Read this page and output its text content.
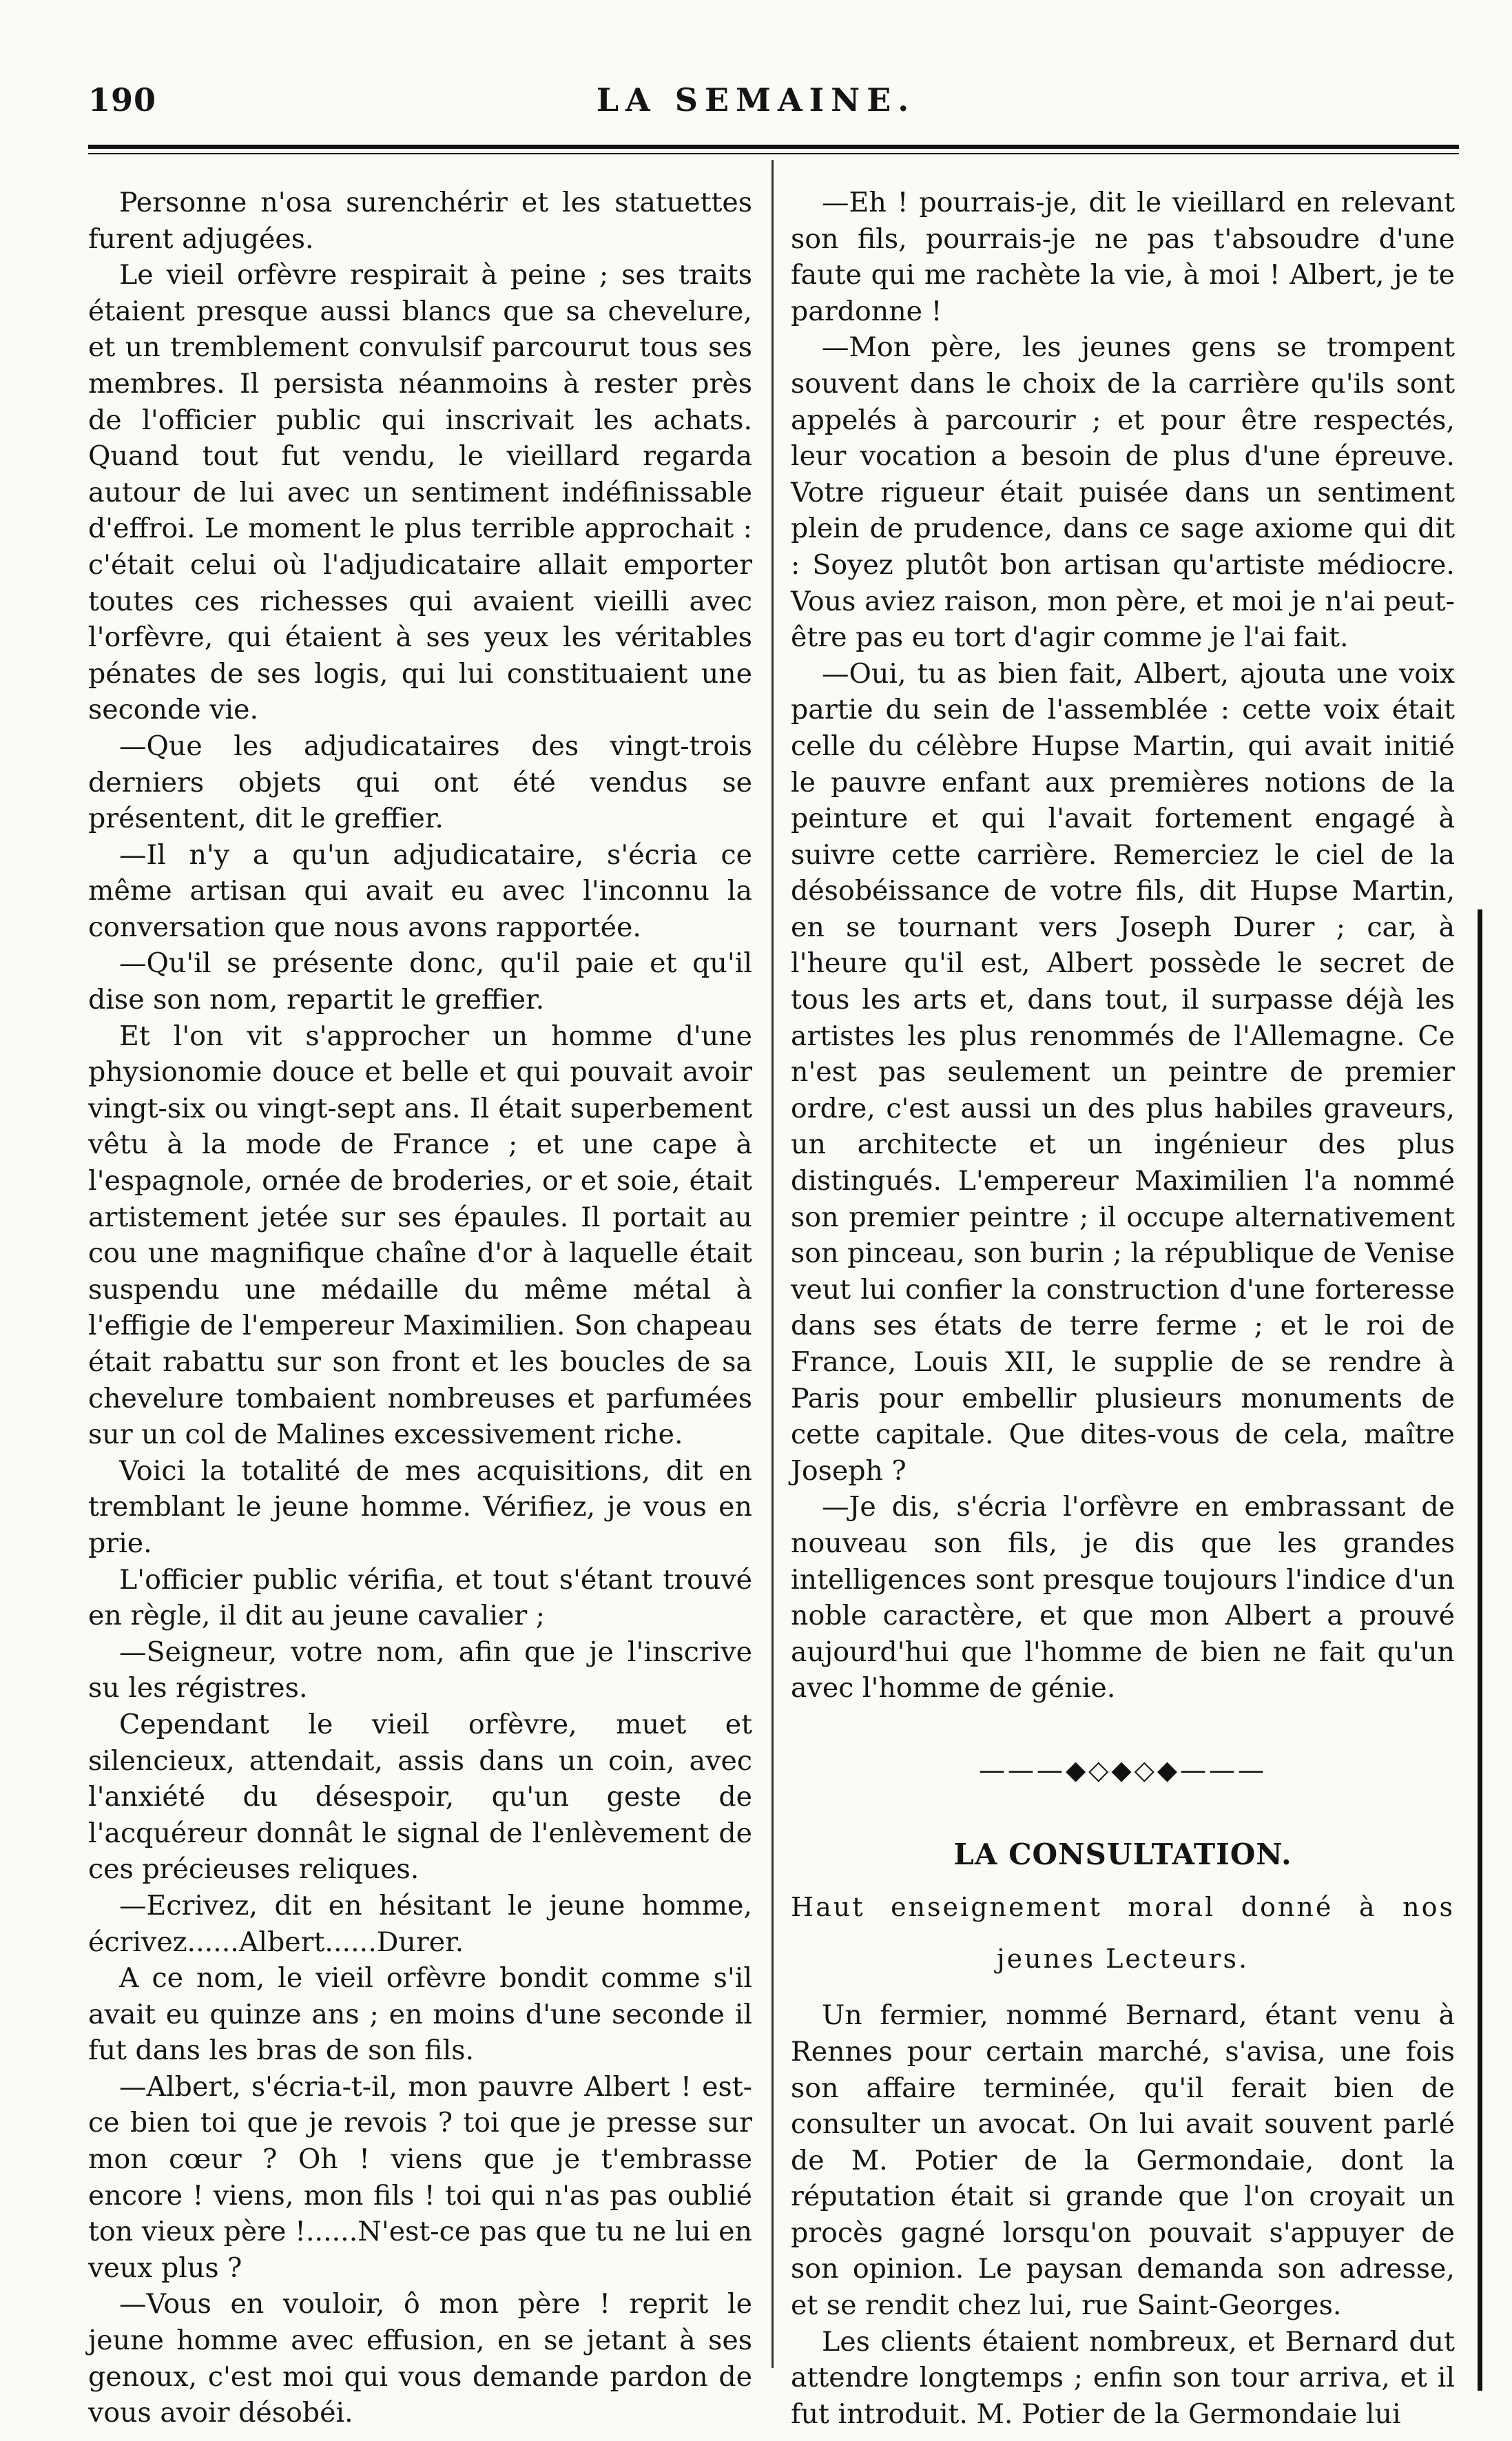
190	LA SEMAINE.

Personne n'osa surenchérir et les statuettes furent adjugées.

Le vieil orfèvre respirait à peine ; ses traits étaient presque aussi blancs que sa chevelure, et un tremblement convulsif parcourut tous ses membres. Il persista néanmoins à rester près de l'officier public qui inscrivait les achats. Quand tout fut vendu, le vieillard regarda autour de lui avec un sentiment indéfinissable d'effroi. Le moment le plus terrible approchait : c'était celui où l'adjudicataire allait emporter toutes ces richesses qui avaient vieilli avec l'orfèvre, qui étaient à ses yeux les véritables pénates de ses logis, qui lui constituaient une seconde vie.

—Que les adjudicataires des vingt-trois derniers objets qui ont été vendus se présentent, dit le greffier.

—Il n'y a qu'un adjudicataire, s'écria ce même artisan qui avait eu avec l'inconnu la conversation que nous avons rapportée.

—Qu'il se présente donc, qu'il paie et qu'il dise son nom, repartit le greffier.

Et l'on vit s'approcher un homme d'une physionomie douce et belle et qui pouvait avoir vingt-six ou vingt-sept ans. Il était superbement vêtu à la mode de France ; et une cape à l'espagnole, ornée de broderies, or et soie, était artistement jetée sur ses épaules. Il portait au cou une magnifique chaîne d'or à laquelle était suspendu une médaille du même métal à l'effigie de l'empereur Maximilien. Son chapeau était rabattu sur son front et les boucles de sa chevelure tombaient nombreuses et parfumées sur un col de Malines excessivement riche.

Voici la totalité de mes acquisitions, dit en tremblant le jeune homme. Vérifiez, je vous en prie.

L'officier public vérifia, et tout s'étant trouvé en règle, il dit au jeune cavalier ;

—Seigneur, votre nom, afin que je l'inscrive su les régistres.

Cependant le vieil orfèvre, muet et silencieux, attendait, assis dans un coin, avec l'anxiété du désespoir, qu'un geste de l'acquéreur donnât le signal de l'enlèvement de ces précieuses reliques.

—Ecrivez, dit en hésitant le jeune homme, écrivez......Albert......Durer.

A ce nom, le vieil orfèvre bondit comme s'il avait eu quinze ans ; en moins d'une seconde il fut dans les bras de son fils.

—Albert, s'écria-t-il, mon pauvre Albert ! est-ce bien toi que je revois ? toi que je presse sur mon cœur ? Oh ! viens que je t'embrasse encore ! viens, mon fils ! toi qui n'as pas oublié ton vieux père !......N'est-ce pas que tu ne lui en veux plus ?

—Vous en vouloir, ô mon père ! reprit le jeune homme avec effusion, en se jetant à ses genoux, c'est moi qui vous demande pardon de vous avoir désobéi.

—Eh ! pourrais-je, dit le vieillard en relevant son fils, pourrais-je ne pas t'absoudre d'une faute qui me rachète la vie, à moi ! Albert, je te pardonne !

—Mon père, les jeunes gens se trompent souvent dans le choix de la carrière qu'ils sont appelés à parcourir ; et pour être respectés, leur vocation a besoin de plus d'une épreuve. Votre rigueur était puisée dans un sentiment plein de prudence, dans ce sage axiome qui dit : Soyez plutôt bon artisan qu'artiste médiocre. Vous aviez raison, mon père, et moi je n'ai peut-être pas eu tort d'agir comme je l'ai fait.

—Oui, tu as bien fait, Albert, ajouta une voix partie du sein de l'assemblée : cette voix était celle du célèbre Hupse Martin, qui avait initié le pauvre enfant aux premières notions de la peinture et qui l'avait fortement engagé à suivre cette carrière. Remerciez le ciel de la désobéissance de votre fils, dit Hupse Martin, en se tournant vers Joseph Durer ; car, à l'heure qu'il est, Albert possède le secret de tous les arts et, dans tout, il surpasse déjà les artistes les plus renommés de l'Allemagne. Ce n'est pas seulement un peintre de premier ordre, c'est aussi un des plus habiles graveurs, un architecte et un ingénieur des plus distingués. L'empereur Maximilien l'a nommé son premier peintre ; il occupe alternativement son pinceau, son burin ; la république de Venise veut lui confier la construction d'une forteresse dans ses états de terre ferme ; et le roi de France, Louis XII, le supplie de se rendre à Paris pour embellir plusieurs monuments de cette capitale. Que dites-vous de cela, maître Joseph ?

—Je dis, s'écria l'orfèvre en embrassant de nouveau son fils, je dis que les grandes intelligences sont presque toujours l'indice d'un noble caractère, et que mon Albert a prouvé aujourd'hui que l'homme de bien ne fait qu'un avec l'homme de génie.

———◆◇◆◇◆———
LA CONSULTATION.
Haut enseignement moral donné à nos
jeunes Lecteurs.

Un fermier, nommé Bernard, étant venu à Rennes pour certain marché, s'avisa, une fois son affaire terminée, qu'il ferait bien de consulter un avocat. On lui avait souvent parlé de M. Potier de la Germondaie, dont la réputation était si grande que l'on croyait un procès gagné lorsqu'on pouvait s'appuyer de son opinion. Le paysan demanda son adresse, et se rendit chez lui, rue Saint-Georges.

Les clients étaient nombreux, et Bernard dut attendre longtemps ; enfin son tour arriva, et il fut introduit. M. Potier de la Germondaie lui
